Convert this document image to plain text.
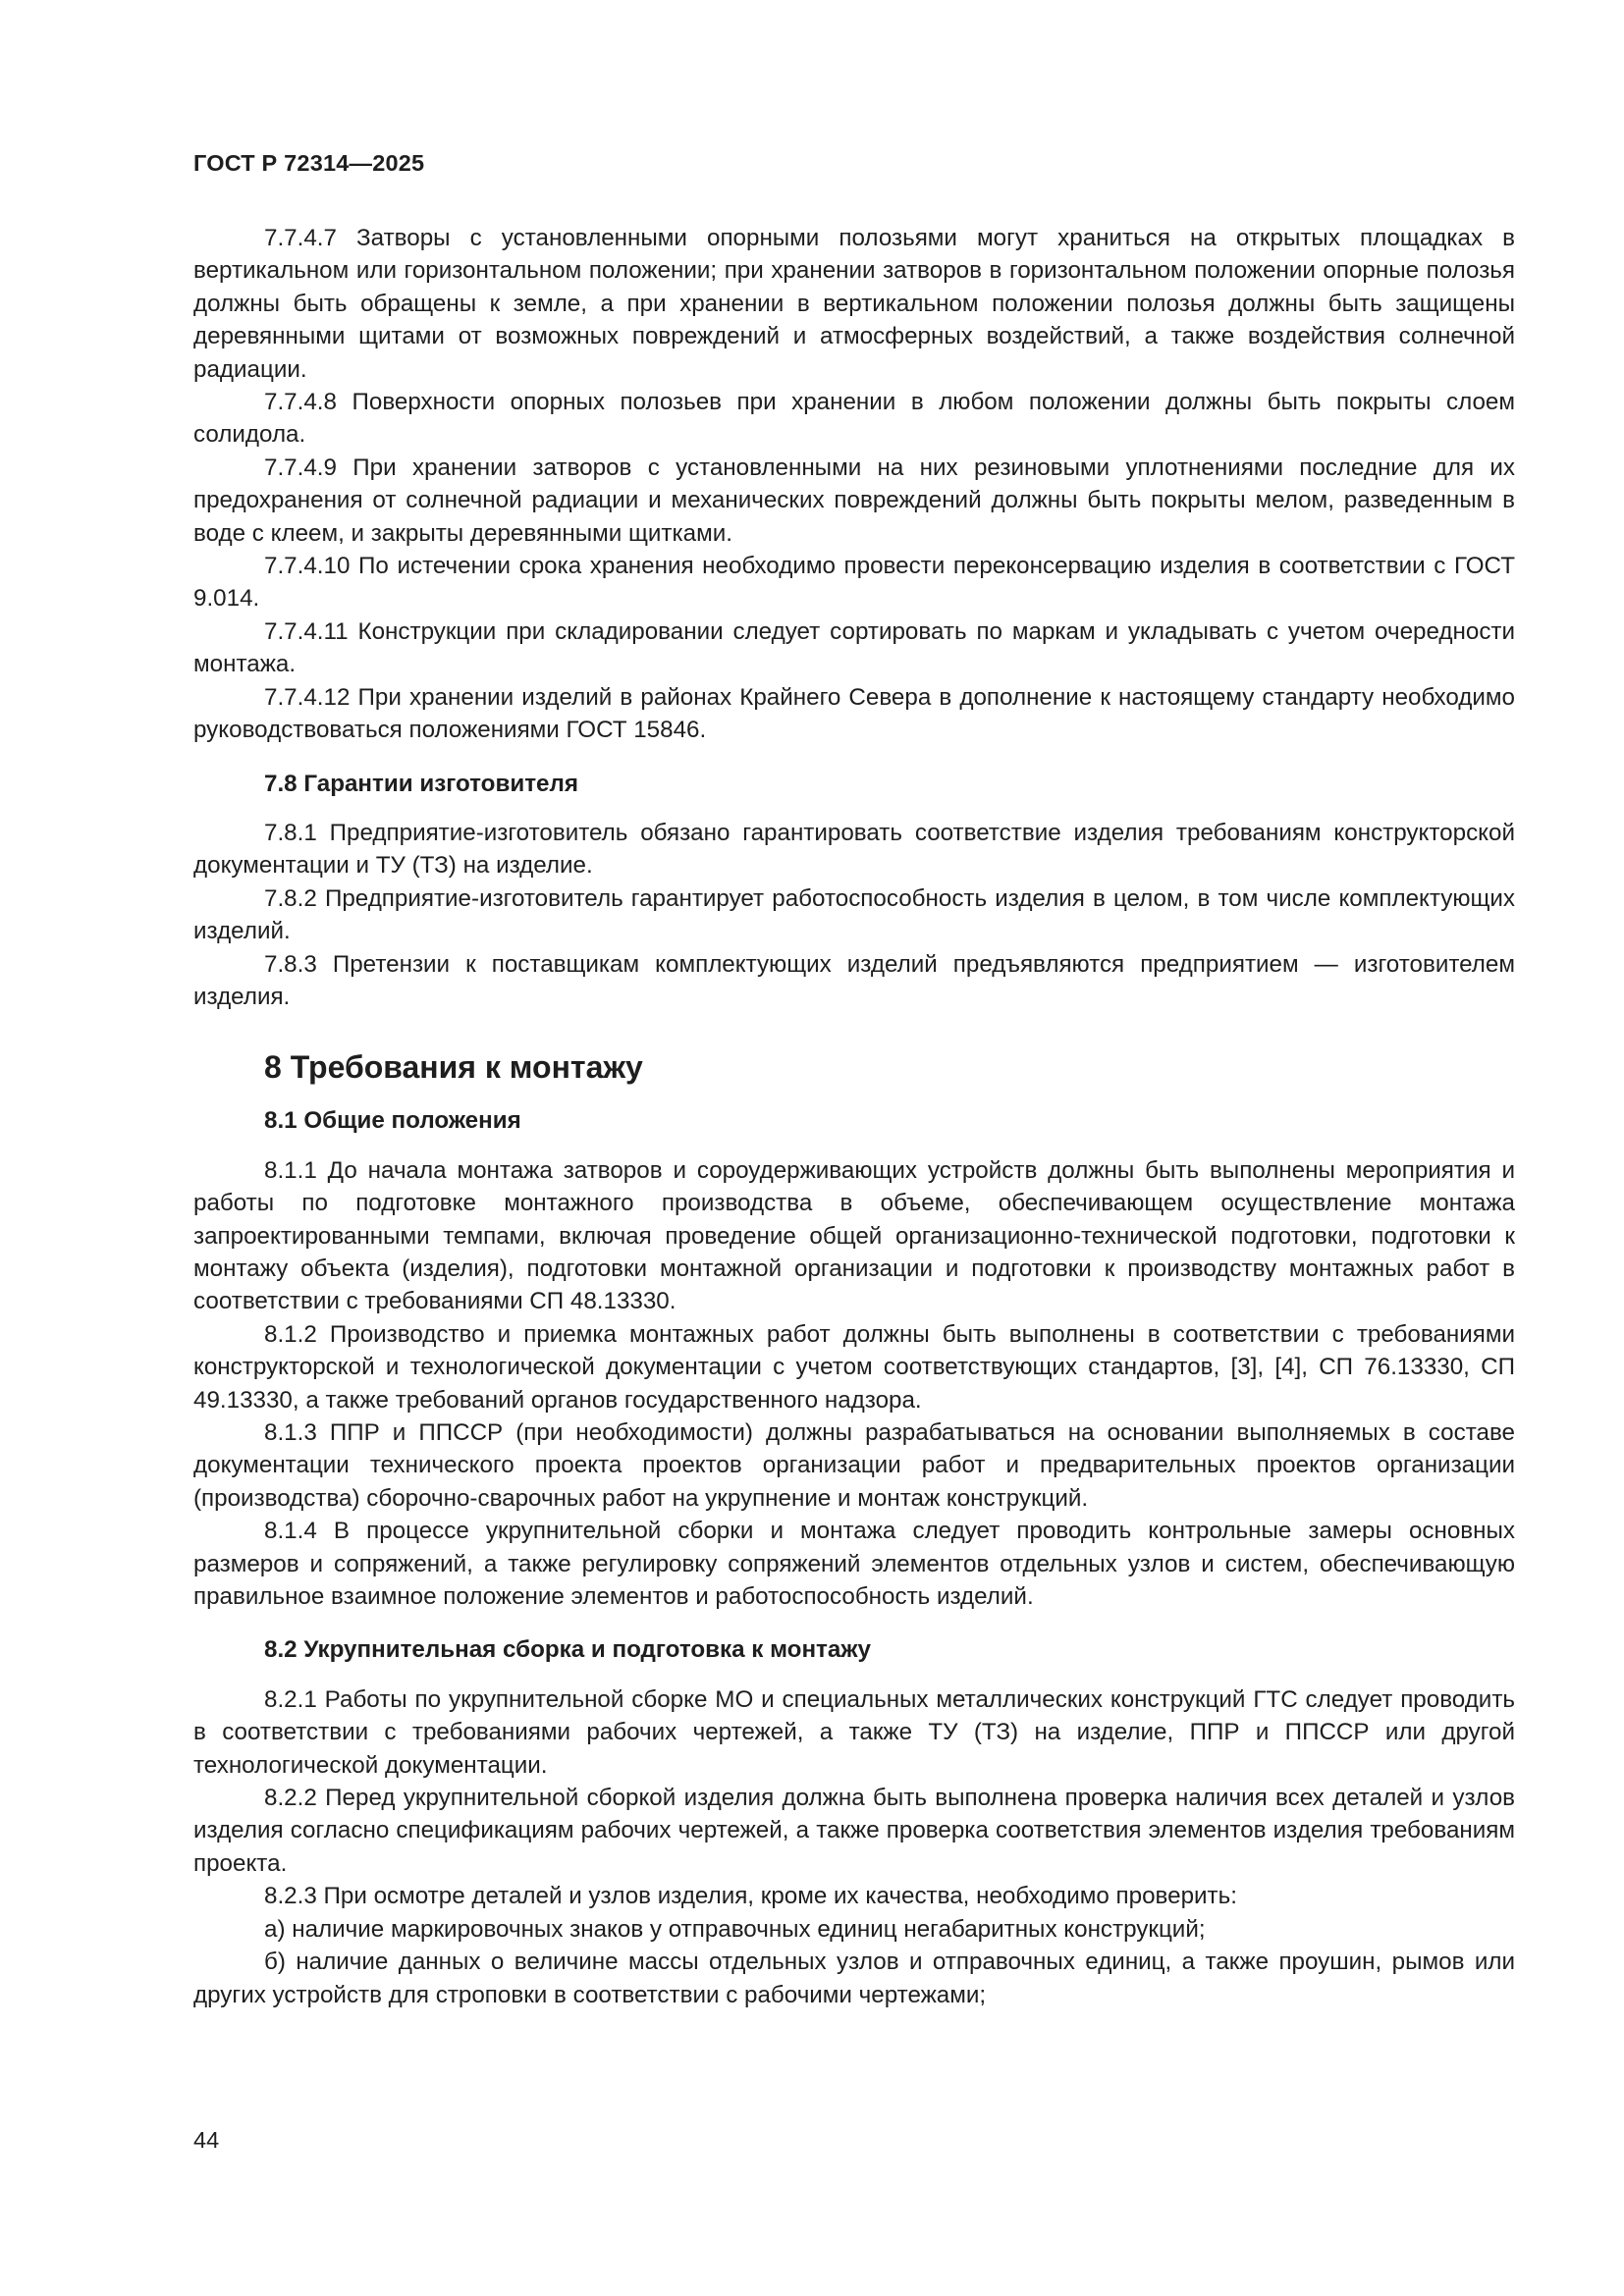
ГОСТ Р 72314—2025

7.7.4.7 Затворы с установленными опорными полозьями могут храниться на открытых площадках в вертикальном или горизонтальном положении; при хранении затворов в горизонтальном положении опорные полозья должны быть обращены к земле, а при хранении в вертикальном положении полозья должны быть защищены деревянными щитами от возможных повреждений и атмосферных воздействий, а также воздействия солнечной радиации.

7.7.4.8 Поверхности опорных полозьев при хранении в любом положении должны быть покрыты слоем солидола.

7.7.4.9 При хранении затворов с установленными на них резиновыми уплотнениями последние для их предохранения от солнечной радиации и механических повреждений должны быть покрыты мелом, разведенным в воде с клеем, и закрыты деревянными щитками.

7.7.4.10 По истечении срока хранения необходимо провести переконсервацию изделия в соответствии с ГОСТ 9.014.

7.7.4.11 Конструкции при складировании следует сортировать по маркам и укладывать с учетом очередности монтажа.

7.7.4.12 При хранении изделий в районах Крайнего Севера в дополнение к настоящему стандарту необходимо руководствоваться положениями ГОСТ 15846.

7.8 Гарантии изготовителя

7.8.1 Предприятие-изготовитель обязано гарантировать соответствие изделия требованиям конструкторской документации и ТУ (ТЗ) на изделие.

7.8.2 Предприятие-изготовитель гарантирует работоспособность изделия в целом, в том числе комплектующих изделий.

7.8.3 Претензии к поставщикам комплектующих изделий предъявляются предприятием — изготовителем изделия.

8 Требования к монтажу
8.1 Общие положения

8.1.1 До начала монтажа затворов и сороудерживающих устройств должны быть выполнены мероприятия и работы по подготовке монтажного производства в объеме, обеспечивающем осуществление монтажа запроектированными темпами, включая проведение общей организационно-технической подготовки, подготовки к монтажу объекта (изделия), подготовки монтажной организации и подготовки к производству монтажных работ в соответствии с требованиями СП 48.13330.

8.1.2 Производство и приемка монтажных работ должны быть выполнены в соответствии с требованиями конструкторской и технологической документации с учетом соответствующих стандартов, [3], [4], СП 76.13330, СП 49.13330, а также требований органов государственного надзора.

8.1.3 ППР и ППССР (при необходимости) должны разрабатываться на основании выполняемых в составе документации технического проекта проектов организации работ и предварительных проектов организации (производства) сборочно-сварочных работ на укрупнение и монтаж конструкций.

8.1.4 В процессе укрупнительной сборки и монтажа следует проводить контрольные замеры основных размеров и сопряжений, а также регулировку сопряжений элементов отдельных узлов и систем, обеспечивающую правильное взаимное положение элементов и работоспособность изделий.

8.2 Укрупнительная сборка и подготовка к монтажу

8.2.1 Работы по укрупнительной сборке МО и специальных металлических конструкций ГТС следует проводить в соответствии с требованиями рабочих чертежей, а также ТУ (ТЗ) на изделие, ППР и ППССР или другой технологической документации.

8.2.2 Перед укрупнительной сборкой изделия должна быть выполнена проверка наличия всех деталей и узлов изделия согласно спецификациям рабочих чертежей, а также проверка соответствия элементов изделия требованиям проекта.

8.2.3 При осмотре деталей и узлов изделия, кроме их качества, необходимо проверить:

а) наличие маркировочных знаков у отправочных единиц негабаритных конструкций;

б) наличие данных о величине массы отдельных узлов и отправочных единиц, а также проушин, рымов или других устройств для строповки в соответствии с рабочими чертежами;

44
